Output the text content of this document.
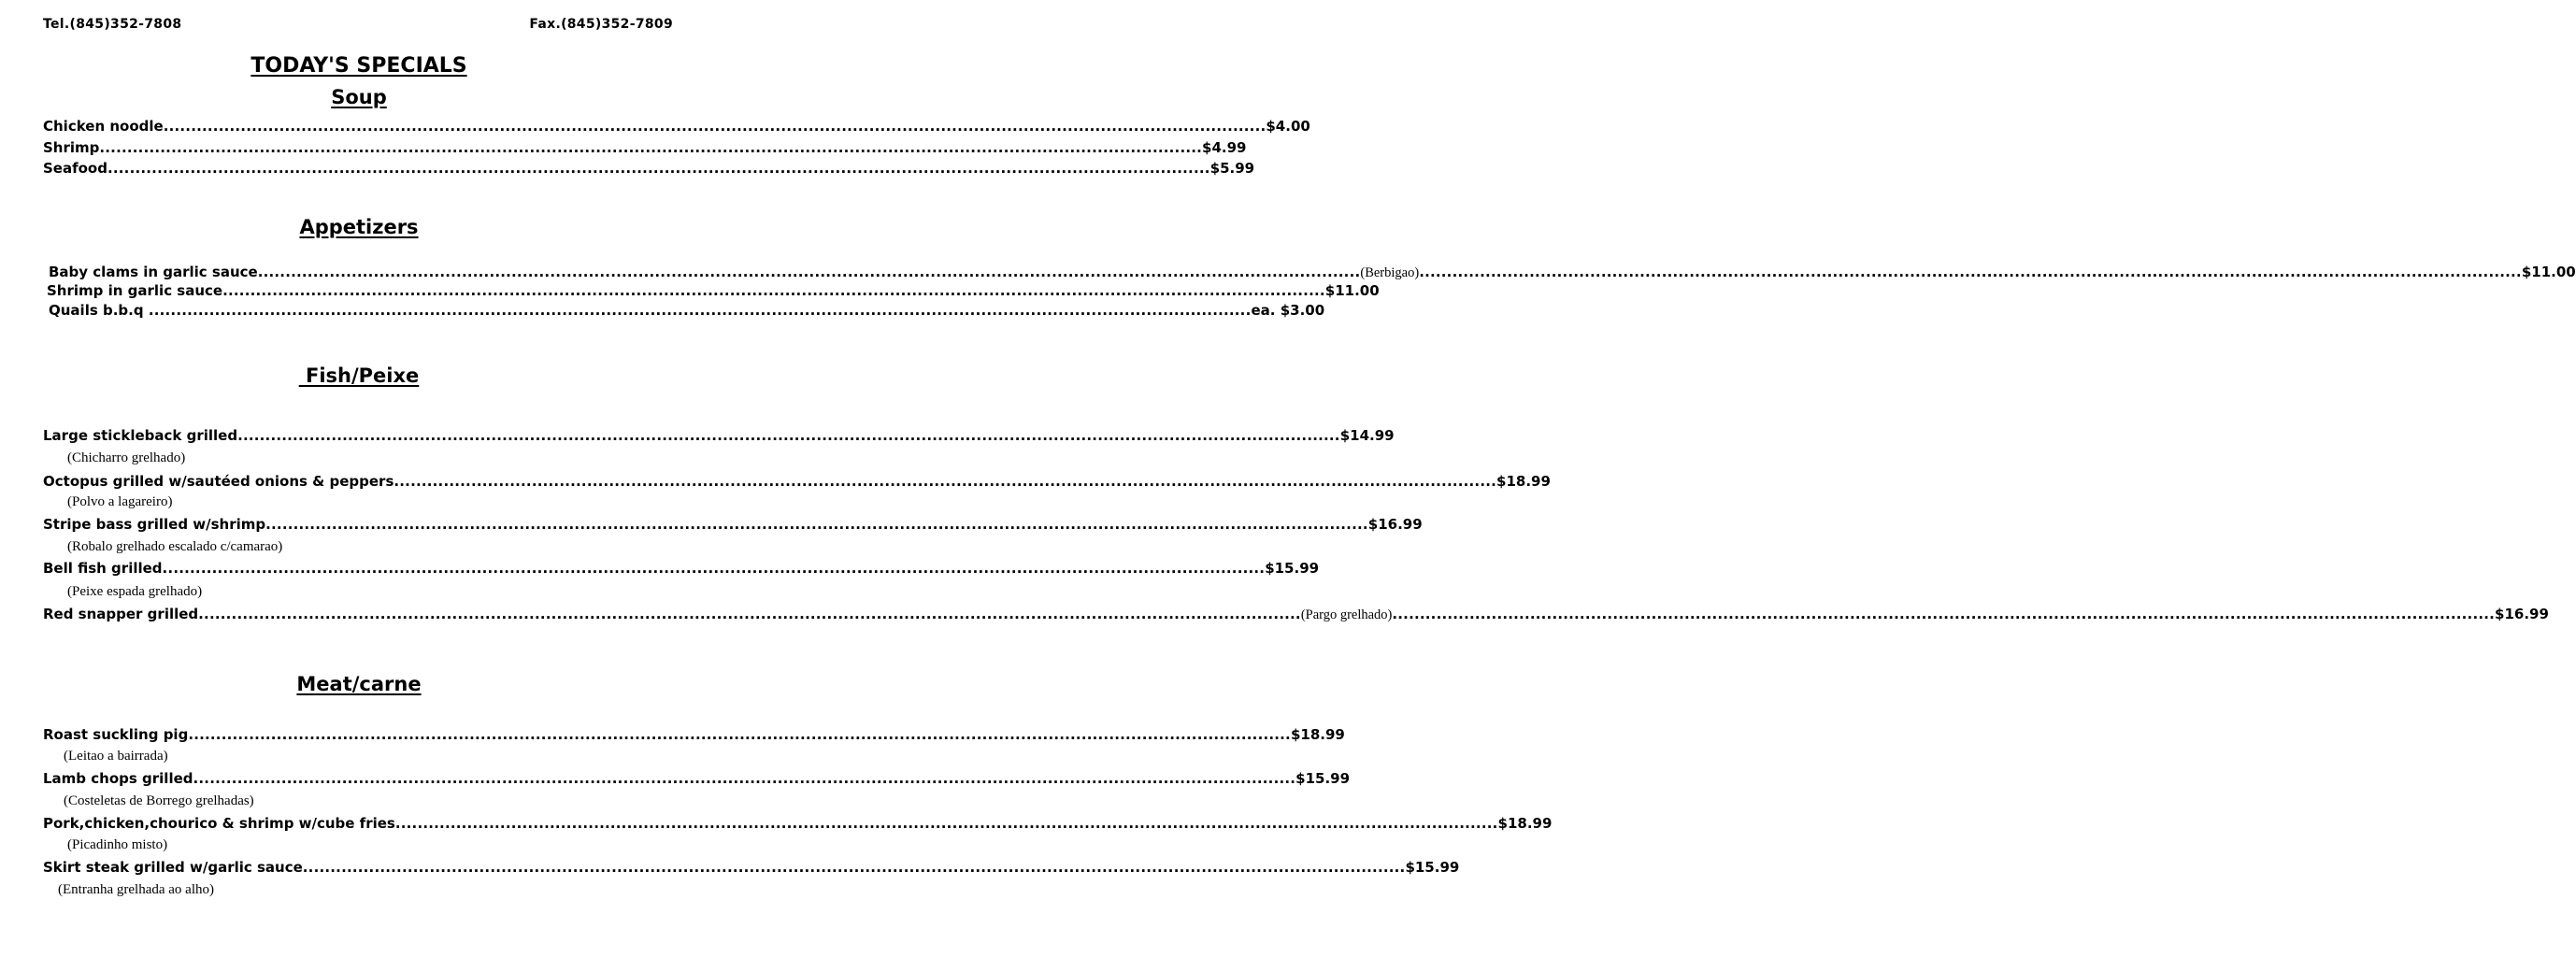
Tel.(845)352-7808	Fax.(845)352-7809
TODAY'S SPECIALS
Soup
Chicken noodle ........................................................................................................................................................................................................ $4.00
Shrimp ........................................................................................................................................................................................................ $4.99
Seafood ........................................................................................................................................................................................................ $5.99
Appetizers
Baby clams in garlic sauce ........................................................................................................................................................................................................ (Berbigao) ........................................................................................................................................................................................................ $11.00
Shrimp in garlic sauce ........................................................................................................................................................................................................ $11.00
Quails b.b.q ........................................................................................................................................................................................................ ea. $3.00
Fish/Peixe
Large stickleback grilled ........................................................................................................................................................................................................ $14.99
(Chicharro grelhado)
Octopus grilled w/sautéed onions & peppers ........................................................................................................................................................................................................ $18.99
(Polvo a lagareiro)
Stripe bass grilled w/shrimp ........................................................................................................................................................................................................ $16.99
(Robalo grelhado escalado c/camarao)
Bell fish grilled ........................................................................................................................................................................................................ $15.99
(Peixe espada grelhado)
Red snapper grilled ........................................................................................................................................................................................................ (Pargo grelhado) ........................................................................................................................................................................................................ $16.99
Meat/carne
Roast suckling pig ........................................................................................................................................................................................................ $18.99
(Leitao a bairrada)
Lamb chops grilled ........................................................................................................................................................................................................ $15.99
(Costeletas de Borrego grelhadas)
Pork,chicken,chourico & shrimp w/cube fries ........................................................................................................................................................................................................ $18.99
(Picadinho misto)
Skirt steak grilled w/garlic sauce ........................................................................................................................................................................................................ $15.99
(Entranha grelhada ao alho)
